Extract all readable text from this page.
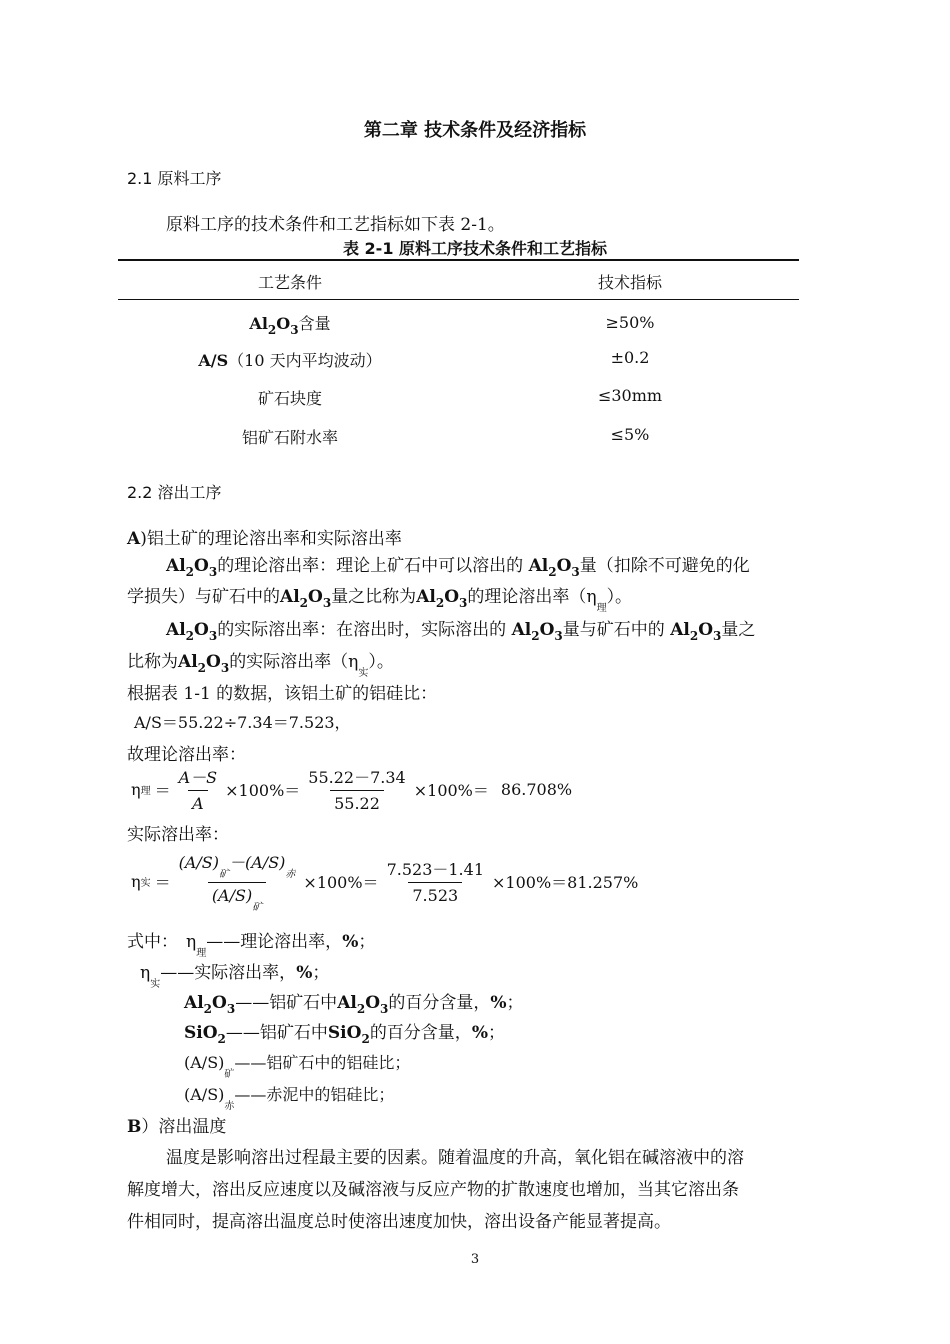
第二章 技术条件及经济指标
2.1 原料工序
原料工序的技术条件和工艺指标如下表 2-1。
表 2-1 原料工序技术条件和工艺指标
工艺条件	技术指标
$Al_2O_3$含量	≥50%
A/S（10 天内平均波动）	±0.2
矿石块度	≤30mm
铝矿石附水率	≤5%
2.2 溶出工序
A)铝土矿的理论溶出率和实际溶出率
$Al_2O_3$的理论溶出率：理论上矿石中可以溶出的 $Al_2O_3$量（扣除不可避免的化
学损失）与矿石中的$Al_2O_3$量之比称为$Al_2O_3$的理论溶出率$(\eta_理)$。
$Al_2O_3$的实际溶出率：在溶出时，实际溶出的 $Al_2O_3$量与矿石中的 $Al_2O_3$量之
比称为$Al_2O_3$的实际溶出率$(\eta_实)$。
根据表 1-1 的数据，该铝土矿的铝硅比：
A/S＝55.22÷7.34＝7.523，
故理论溶出率：
η 理 ＝ $\frac{A-S}{A} \times 100\%= \frac{55.22-7.34}{55.22} \times 100\%= 86.708\%$
实际溶出率：
η 实 ＝ $\frac{(A/S)_矿-(A/S)_赤}{(A/S)_矿} \times 100\%= \frac{7.523-1.41}{7.523} \times 100\%=81.257\%$
式中： $\eta_理——$理论溶出率，%；
$\eta_实——$实际溶出率，%；
$Al_2O_3——$铝矿石中$Al_2O_3$的百分含量，%；
SiO$_2$——铝矿石中SiO$_2$的百分含量，%；
$(A/S)_矿——$铝矿石中的铝硅比；
$(A/S)_赤——$赤泥中的铝硅比；
B）溶出温度
温度是影响溶出过程最主要的因素。随着温度的升高，氧化铝在碱溶液中的溶
解度增大，溶出反应速度以及碱溶液与反应产物的扩散速度也增加，当其它溶出条
件相同时，提高溶出温度总时使溶出速度加快，溶出设备产能显著提高。
3
